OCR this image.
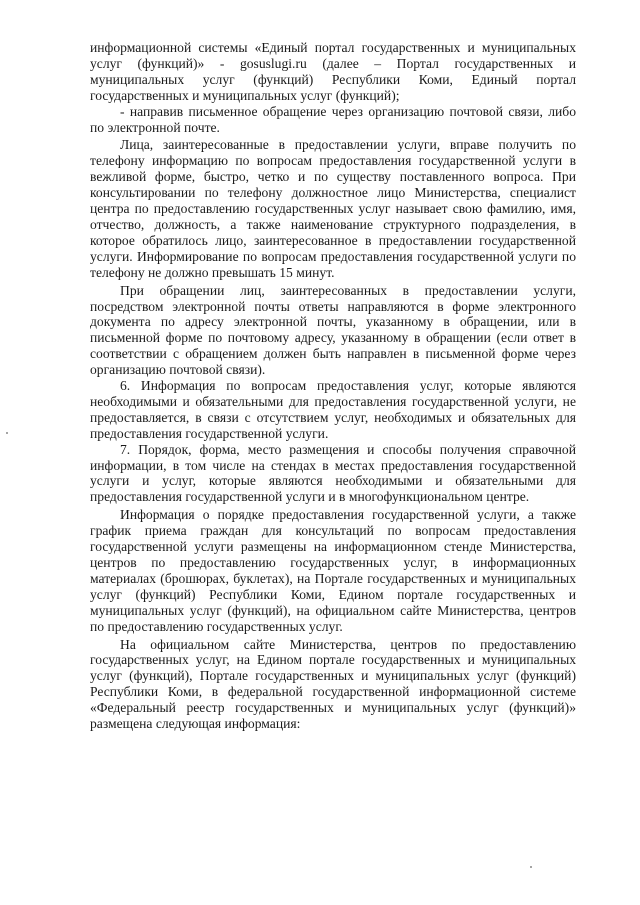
информационной системы «Единый портал государственных и муниципальных услуг (функций)» - gosuslugi.ru (далее – Портал государственных и муниципальных услуг (функций) Республики Коми, Единый портал государственных и муниципальных услуг (функций);

- направив письменное обращение через организацию почтовой связи, либо по электронной почте.

Лица, заинтересованные в предоставлении услуги, вправе получить по телефону информацию по вопросам предоставления государственной услуги в вежливой форме, быстро, четко и по существу поставленного вопроса. При консультировании по телефону должностное лицо Министерства, специалист центра по предоставлению государственных услуг называет свою фамилию, имя, отчество, должность, а также наименование структурного подразделения, в которое обратилось лицо, заинтересованное в предоставлении государственной услуги. Информирование по вопросам предоставления государственной услуги по телефону не должно превышать 15 минут.

При обращении лиц, заинтересованных в предоставлении услуги, посредством электронной почты ответы направляются в форме электронного документа по адресу электронной почты, указанному в обращении, или в письменной форме по почтовому адресу, указанному в обращении (если ответ в соответствии с обращением должен быть направлен в письменной форме через организацию почтовой связи).

6. Информация по вопросам предоставления услуг, которые являются необходимыми и обязательными для предоставления государственной услуги, не предоставляется, в связи с отсутствием услуг, необходимых и обязательных для предоставления государственной услуги.

7. Порядок, форма, место размещения и способы получения справочной информации, в том числе на стендах в местах предоставления государственной услуги и услуг, которые являются необходимыми и обязательными для предоставления государственной услуги и в многофункциональном центре.

Информация о порядке предоставления государственной услуги, а также график приема граждан для консультаций по вопросам предоставления государственной услуги размещены на информационном стенде Министерства, центров по предоставлению государственных услуг, в информационных материалах (брошюрах, буклетах), на Портале государственных и муниципальных услуг (функций) Республики Коми, Едином портале государственных и муниципальных услуг (функций), на официальном сайте Министерства, центров по предоставлению государственных услуг.

На официальном сайте Министерства, центров по предоставлению государственных услуг, на Едином портале государственных и муниципальных услуг (функций), Портале государственных и муниципальных услуг (функций) Республики Коми, в федеральной государственной информационной системе «Федеральный реестр государственных и муниципальных услуг (функций)» размещена следующая информация:
